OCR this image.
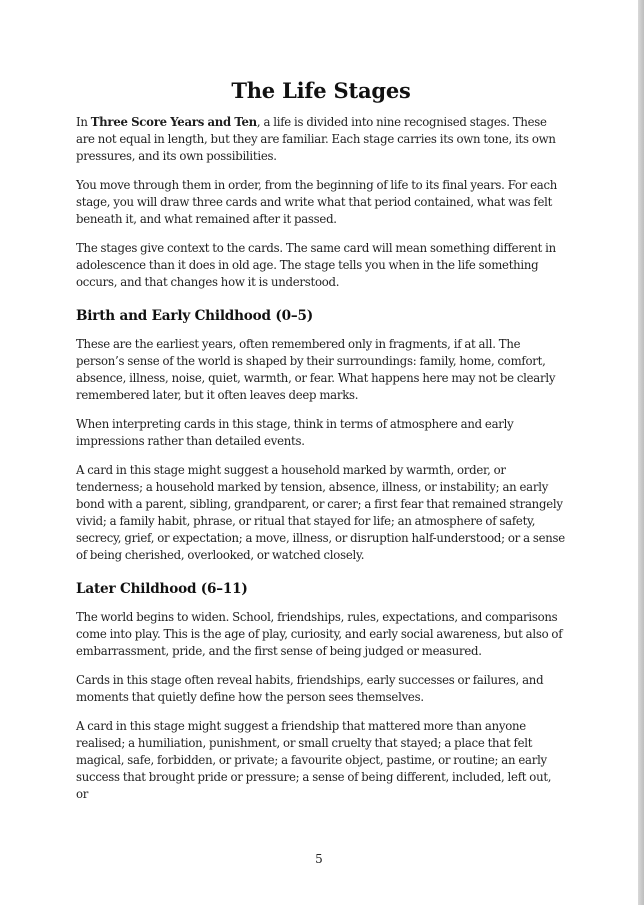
The Life Stages

In Three Score Years and Ten, a life is divided into nine recognised stages. These are not equal in length, but they are familiar. Each stage carries its own tone, its own pressures, and its own possibilities.

You move through them in order, from the beginning of life to its final years. For each stage, you will draw three cards and write what that period contained, what was felt beneath it, and what remained after it passed.

The stages give context to the cards. The same card will mean something different in adolescence than it does in old age. The stage tells you when in the life something occurs, and that changes how it is understood.

Birth and Early Childhood (0–5)

These are the earliest years, often remembered only in fragments, if at all. The person’s sense of the world is shaped by their surroundings: family, home, comfort, absence, illness, noise, quiet, warmth, or fear. What happens here may not be clearly remembered later, but it often leaves deep marks.

When interpreting cards in this stage, think in terms of atmosphere and early impressions rather than detailed events.

A card in this stage might suggest a household marked by warmth, order, or tenderness; a household marked by tension, absence, illness, or instability; an early bond with a parent, sibling, grandparent, or carer; a first fear that remained strangely vivid; a family habit, phrase, or ritual that stayed for life; an atmosphere of safety, secrecy, grief, or expectation; a move, illness, or disruption half-understood; or a sense of being cherished, overlooked, or watched closely.

Later Childhood (6–11)

The world begins to widen. School, friendships, rules, expectations, and comparisons come into play. This is the age of play, curiosity, and early social awareness, but also of embarrassment, pride, and the first sense of being judged or measured.

Cards in this stage often reveal habits, friendships, early successes or failures, and moments that quietly define how the person sees themselves.

A card in this stage might suggest a friendship that mattered more than anyone realised; a humiliation, punishment, or small cruelty that stayed; a place that felt magical, safe, forbidden, or private; a favourite object, pastime, or routine; an early success that brought pride or pressure; a sense of being different, included, left out, or

5
